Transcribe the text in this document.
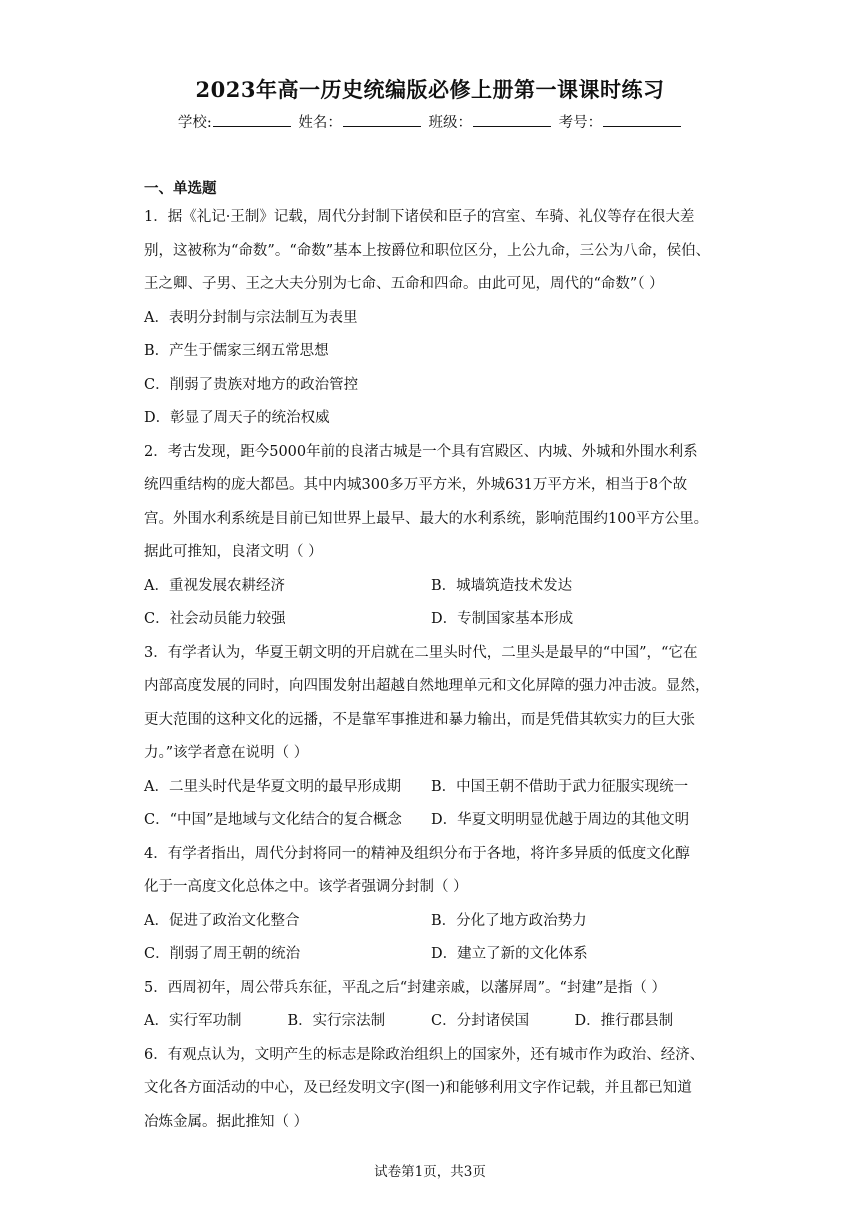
2023年高一历史统编版必修上册第一课课时练习
学校:	姓名：	班级：	考号：
一、单选题
1．据《礼记·王制》记载，周代分封制下诸侯和臣子的宫室、车骑、礼仪等存在很大差
别，这被称为“命数”。“命数”基本上按爵位和职位区分，上公九命，三公为八命，侯伯、
王之卿、子男、王之大夫分别为七命、五命和四命。由此可见，周代的“命数”（ ）
A．表明分封制与宗法制互为表里
B．产生于儒家三纲五常思想
C．削弱了贵族对地方的政治管控
D．彰显了周天子的统治权威
2．考古发现，距今5000年前的良渚古城是一个具有宫殿区、内城、外城和外围水利系
统四重结构的庞大都邑。其中内城300多万平方米，外城631万平方米，相当于8个故
宫。外围水利系统是目前已知世界上最早、最大的水利系统，影响范围约100平方公里。
据此可推知，良渚文明（ ）
A．重视发展农耕经济	B．城墙筑造技术发达
C．社会动员能力较强	D．专制国家基本形成
3．有学者认为，华夏王朝文明的开启就在二里头时代，二里头是最早的“中国”，“它在
内部高度发展的同时，向四围发射出超越自然地理单元和文化屏障的强力冲击波。显然，
更大范围的这种文化的远播，不是靠军事推进和暴力输出，而是凭借其软实力的巨大张
力。”该学者意在说明（ ）
A．二里头时代是华夏文明的最早形成期	B．中国王朝不借助于武力征服实现统一
C．“中国”是地域与文化结合的复合概念	D．华夏文明明显优越于周边的其他文明
4．有学者指出，周代分封将同一的精神及组织分布于各地，将许多异质的低度文化醇
化于一高度文化总体之中。该学者强调分封制（ ）
A．促进了政治文化整合	B．分化了地方政治势力
C．削弱了周王朝的统治	D．建立了新的文化体系
5．西周初年，周公带兵东征，平乱之后“封建亲戚，以藩屏周”。“封建”是指（ ）
A．实行军功制	B．实行宗法制	C．分封诸侯国	D．推行郡县制
6．有观点认为，文明产生的标志是除政治组织上的国家外，还有城市作为政治、经济、
文化各方面活动的中心，及已经发明文字(图一)和能够利用文字作记载，并且都已知道
冶炼金属。据此推知（ ）
试卷第1页，共3页
